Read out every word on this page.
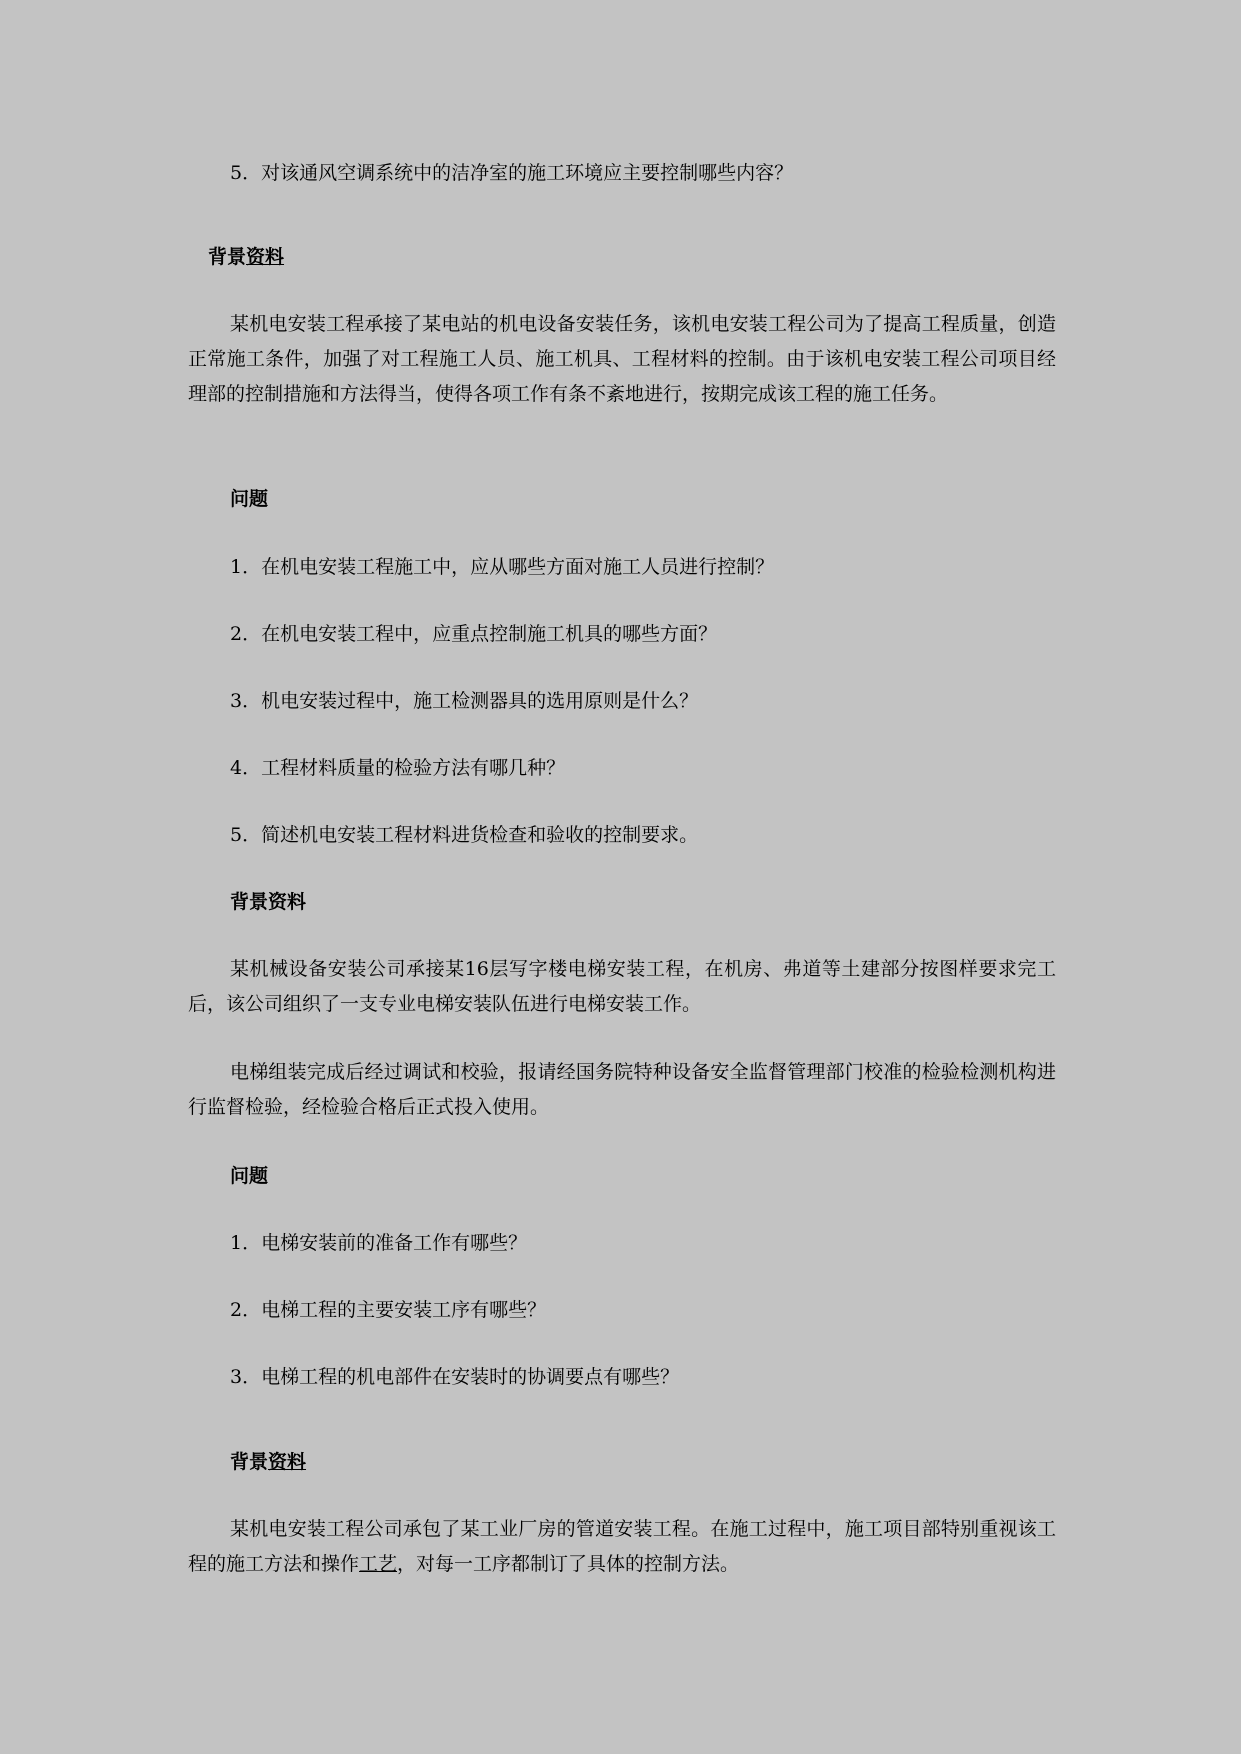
5．对该通风空调系统中的洁净室的施工环境应主要控制哪些内容？
背景资料
某机电安装工程承接了某电站的机电设备安装任务，该机电安装工程公司为了提高工程质量，创造正常施工条件，加强了对工程施工人员、施工机具、工程材料的控制。由于该机电安装工程公司项目经理部的控制措施和方法得当，使得各项工作有条不紊地进行，按期完成该工程的施工任务。
问题
1．在机电安装工程施工中，应从哪些方面对施工人员进行控制？
2．在机电安装工程中，应重点控制施工机具的哪些方面？
3．机电安装过程中，施工检测器具的选用原则是什么？
4．工程材料质量的检验方法有哪几种？
5．简述机电安装工程材料进货检查和验收的控制要求。
背景资料
某机械设备安装公司承接某16层写字楼电梯安装工程，在机房、弗道等土建部分按图样要求完工后，该公司组织了一支专业电梯安装队伍进行电梯安装工作。
电梯组装完成后经过调试和校验，报请经国务院特种设备安全监督管理部门校准的检验检测机构进行监督检验，经检验合格后正式投入使用。
问题
1．电梯安装前的准备工作有哪些？
2．电梯工程的主要安装工序有哪些？
3．电梯工程的机电部件在安装时的协调要点有哪些？
背景资料
某机电安装工程公司承包了某工业厂房的管道安装工程。在施工过程中，施工项目部特别重视该工程的施工方法和操作工艺，对每一工序都制订了具体的控制方法。
